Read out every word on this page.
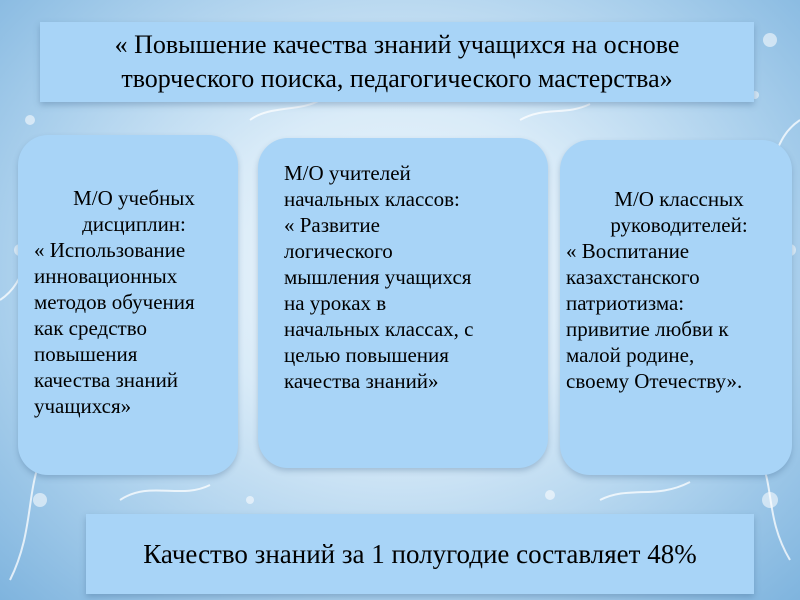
« Повышение качества знаний учащихся на основе творческого поиска, педагогического мастерства»

М/О учебных дисциплин:

« Использование
инновационных
методов обучения
как средство
повышения
качества знаний
учащихся»

М/О учителей
начальных классов:

« Развитие
логического
мышления учащихся
на уроках в
начальных классах, с
целью повышения
качества знаний»

М/О классных
руководителей:

« Воспитание
казахстанского
патриотизма:
привитие любви к
малой родине,
своему Отечеству».

Качество знаний за 1 полугодие составляет 48%
